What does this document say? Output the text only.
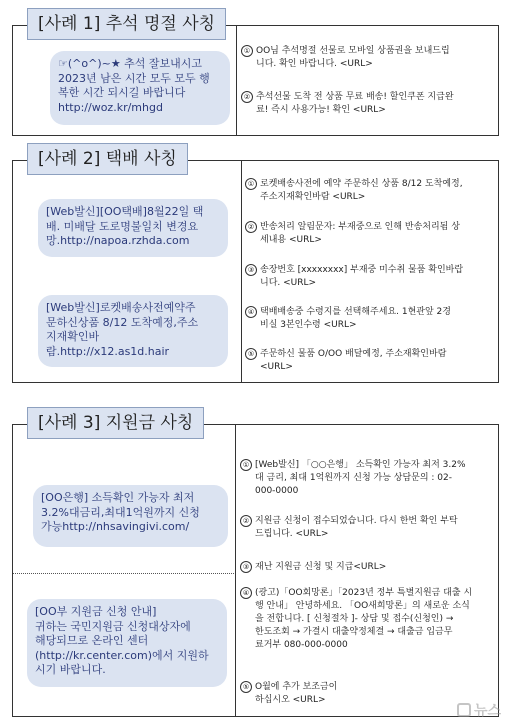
[사례 1] 추석 명절 사칭
☞(^o^)~★ 추석 잘보내시고
2023년 남은 시간 모두 모두 행
복한 시간 되시길 바랍니다
http://woz.kr/mhgd
① OO님 추석명절 선물로 모바일 상품권을 보내드립
니다. 확인 바랍니다. <URL>
② 추석선물 도착 전 상품 무료 배송! 할인쿠폰 지급완
료! 즉시 사용가능! 확인 <URL>
[사례 2] 택배 사칭
[Web발신][OO택배]8월22일 택
배. 미배달 도로명불일치 변경요
망.http://napoa.rzhda.com
[Web발신]로켓배송사전예약주
문하신상품 8/12 도착예정,주소
지재확인바
람.http://x12.as1d.hair
① 로켓배송사전에 예약 주문하신 상품 8/12 도착예정,
주소지재확인바람 <URL>
② 반송처리 알림문자: 부재중으로 인해 반송처리됨 상
세내용 <URL>
③ 송장번호 [xxxxxxxx] 부재중 미수취 물품 확인바랍
니다. <URL>
④ 택배배송중 수령지를 선택해주세요. 1현관앞 2경
비실 3본인수령 <URL>
⑤ 주문하신 물품 O/OO 배달예정, 주소재확인바람
<URL>
[사례 3] 지원금 사칭
[OO은행] 소득확인 가능자 최저
3.2%대금리,최대1억원까지 신청
가능http://nhsavingivi.com/
[OO부 지원금 신청 안내]
귀하는 국민지원금 신청대상자에
해당되므로 온라인 센터
(http://kr.center.com)에서 지원하
시기 바랍니다.
① [Web발신] 「○○은행」 소득확인 가능자 최저 3.2%
대 금리, 최대 1억원까지 신청 가능 상담문의 : 02-
000-0000
② 지원금 신청이 접수되었습니다. 다시 한번 확인 부탁
드립니다. <URL>
③ 재난 지원금 신청 및 지급<URL>
④ (광고)「OO회망론」「2023년 정부 특별지원금 대출 시
행 안내」 안녕하세요. 「OO새희망론」의 새로운 소식
을 전합니다. [ 신청절차 ]- 상담 및 접수(신청인) →
한도조회 → 가결시 대출약정체결 → 대출금 입금무
료거부 080-000-0000
⑤ O월에 추가 보조금이
하십시오 <URL>
뉴스
